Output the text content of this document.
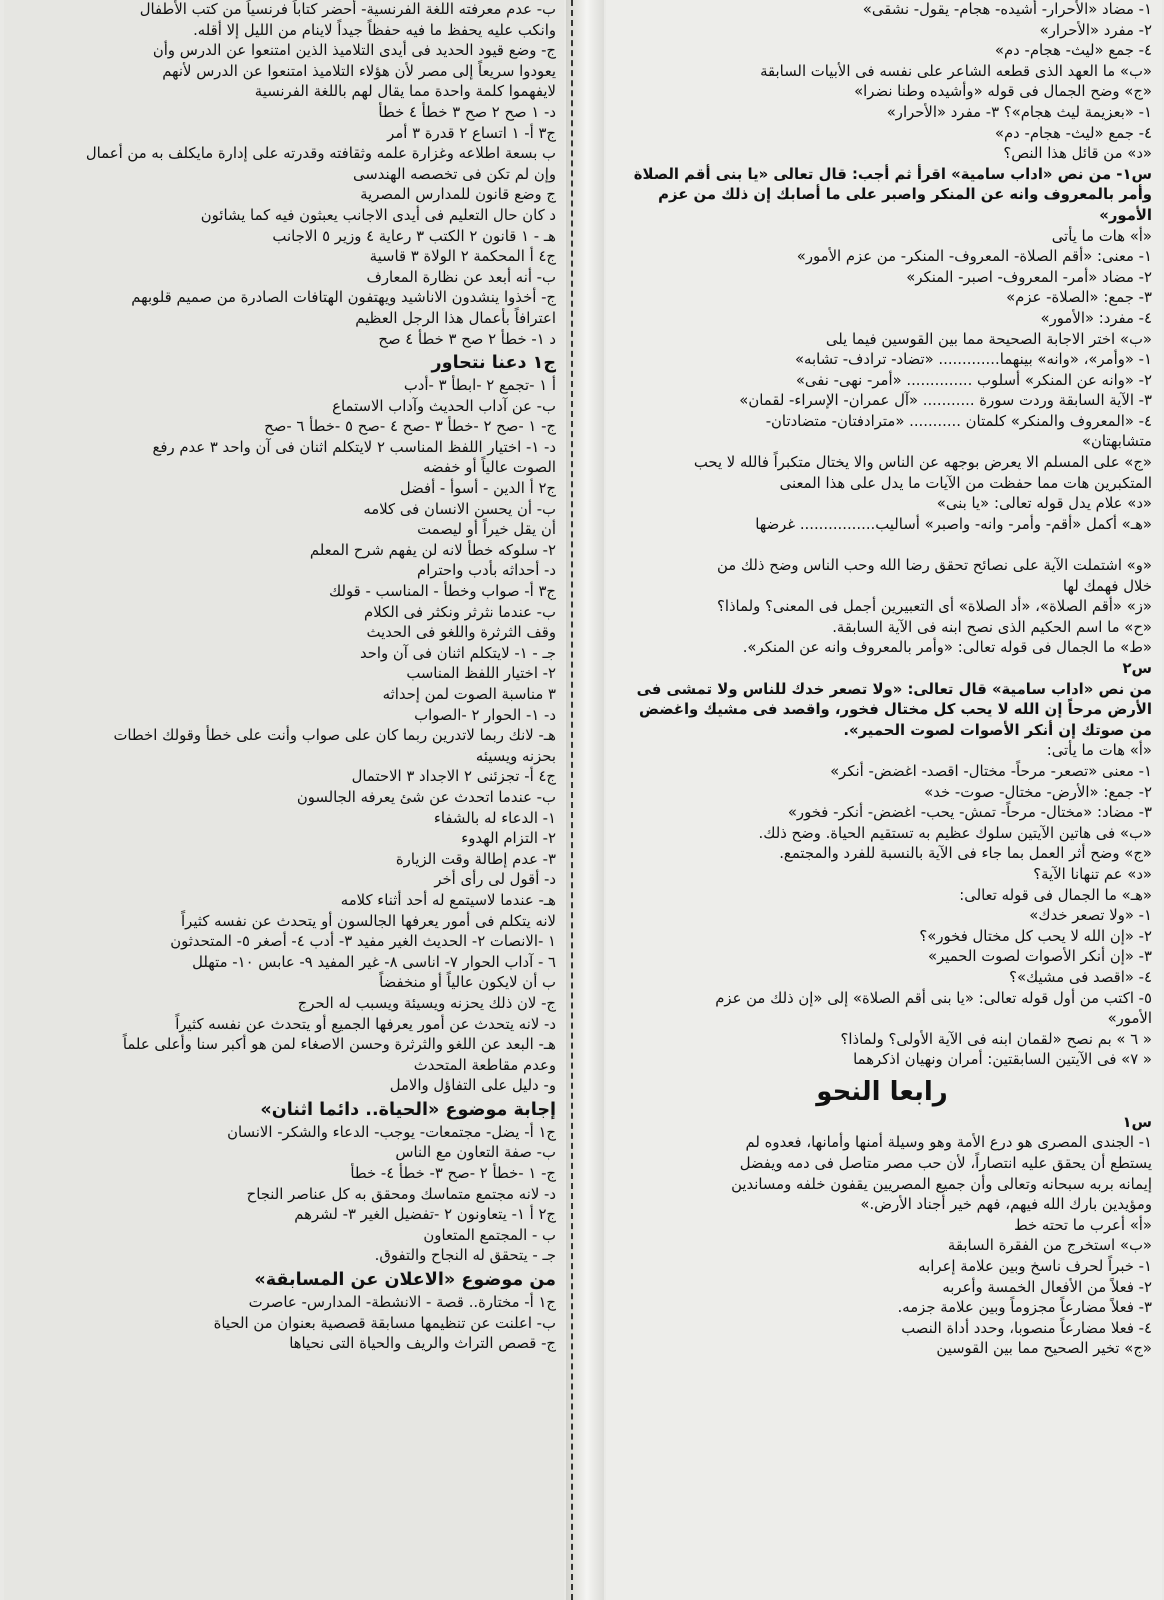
١- مضاد «الأحرار- أشيده- هجام- يقول- نشقى»
٢- مفرد «الأحرار»
٤- جمع «ليث- هجام- دم»
«ب» ما العهد الذى قطعه الشاعر على نفسه فى الأبيات السابقة
«ج» وضح الجمال فى قوله «وأشيده وطنا نضرا»
١- «بعزيمة ليث هجام»؟ ٣- مفرد «الأحرار»
٤- جمع «ليث- هجام- دم»
«د» من قائل هذا النص؟
س١- من نص «اداب سامية» اقرأ ثم أجب: قال تعالى «يا بنى أقم الصلاة
وأمر بالمعروف وانه عن المنكر واصبر على ما أصابك إن ذلك من عزم
الأمور»
«أ» هات ما يأتى
١- معنى: «أقم الصلاة- المعروف- المنكر- من عزم الأمور»
٢- مضاد «أمر- المعروف- اصبر- المنكر»
٣- جمع: «الصلاة- عزم»
٤- مفرد: «الأمور»
«ب» اختر الاجابة الصحيحة مما بين القوسين فيما يلى
١- «وأمر»، «وانه» بينهما............. «تضاد- ترادف- تشابه»
٢- «وانه عن المنكر» أسلوب .............. «أمر- نهى- نفى»
٣- الآية السابقة وردت سورة ........... «آل عمران- الإسراء- لقمان»
٤- «المعروف والمنكر» كلمتان ........... «مترادفتان- متضادتان-
متشابهتان»
«ج» على المسلم الا يعرض بوجهه عن الناس والا يختال متكبراً فالله لا يحب
المتكبرين هات مما حفظت من الآيات ما يدل على هذا المعنى
«د» علام يدل قوله تعالى: «يا بنى»
«هـ» أكمل «أقم- وأمر- وانه- واصبر» أساليب................ غرضها

«و» اشتملت الآية على نصائح تحقق رضا الله وحب الناس وضح ذلك من
خلال فهمك لها
«ز» «أقم الصلاة»، «أد الصلاة» أى التعبيرين أجمل فى المعنى؟ ولماذا؟
«ح» ما اسم الحكيم الذى نصح ابنه فى الآية السابقة.
«ط» ما الجمال فى قوله تعالى: «وأمر بالمعروف وانه عن المنكر».
س٢
من نص «اداب سامية» قال تعالى: «ولا تصعر خدك للناس ولا تمشى فى
الأرض مرحاً إن الله لا يحب كل مختال فخور، واقصد فى مشيك واغضض
من صوتك إن أنكر الأصوات لصوت الحمير».
«أ» هات ما يأتى:
١- معنى «تصعر- مرحاً- مختال- اقصد- اغضض- أنكر»
٢- جمع: «الأرض- مختال- صوت- خد»
٣- مضاد: «مختال- مرحاً- تمش- يحب- اغضض- أنكر- فخور»
«ب» فى هاتين الآيتين سلوك عظيم به تستقيم الحياة. وضح ذلك.
«ج» وضح أثر العمل بما جاء فى الآية بالنسبة للفرد والمجتمع.
«د» عم تنهانا الآية؟
«هـ» ما الجمال فى قوله تعالى:
١- «ولا تصعر خدك»
٢- «إن الله لا يحب كل مختال فخور»؟
٣- «إن أنكر الأصوات لصوت الحمير»
٤- «اقصد فى مشيك»؟
٥- اكتب من أول قوله تعالى: «يا بنى أقم الصلاة» إلى «إن ذلك من عزم
الأمور»
« ٦ » بم نصح «لقمان ابنه فى الآية الأولى؟ ولماذا؟
« ٧» فى الآيتين السابقتين: أمران ونهيان اذكرهما
رابعا النحو
س١
١- الجندى المصرى هو درع الأمة وهو وسيلة أمنها وأمانها، فعدوه لم
يستطع أن يحقق عليه انتصاراً، لأن حب مصر متاصل فى دمه ويفضل
إيمانه بربه سبحانه وتعالى وأن جميع المصريين يقفون خلفه ومساندين
ومؤيدين بارك الله فيهم، فهم خير أجناد الأرض.»
«أ» أعرب ما تحته خط
«ب» استخرج من الفقرة السابقة
١- خبراً لحرف ناسخ وبين علامة إعرابه
٢- فعلاً من الأفعال الخمسة وأعربه
٣- فعلاً مضارعاً مجزوماً وبين علامة جزمه.
٤- فعلا مضارعاً منصوبا، وحدد أداة النصب
«ج» تخير الصحيح مما بين القوسين
ب- عدم معرفته اللغة الفرنسية- أحضر كتاباً فرنسياً من كتب الأطفال
وانكب عليه يحفظ ما فيه حفظاً جيداً لاينام من الليل إلا أقله.
ج- وضع قيود الحديد فى أيدى التلاميذ الذين امتنعوا عن الدرس وأن
يعودوا سريعاً إلى مصر لأن هؤلاء التلاميذ امتنعوا عن الدرس لأنهم
لايفهموا كلمة واحدة مما يقال لهم باللغة الفرنسية
د- ١ صح ٢ صح ٣ خطأ ٤ خطأ
ج٣ أ- ١ اتساع ٢ قدرة ٣ أمر
ب بسعة اطلاعه وغزارة علمه وثقافته وقدرته على إدارة مايكلف به من أعمال
وإن لم تكن فى تخصصه الهندسى
ج وضع قانون للمدارس المصرية
د كان حال التعليم فى أيدى الاجانب يعبثون فيه كما يشائون
هـ - ١ قانون ٢ الكتب ٣ رعاية ٤ وزير ٥ الاجانب
ج٤ أ المحكمة ٢ الولاة ٣ قاسية
ب- أنه أبعد عن نظارة المعارف
ج- أخذوا ينشدون الاناشيد ويهتفون الهتافات الصادرة من صميم قلوبهم
اعترافاً بأعمال هذا الرجل العظيم
د ١- خطأ ٢ صح ٣ خطأ ٤ صح
ج١ دعنا نتحاور
أ ١ -تجمع ٢ -ابطأ ٣ -أدب
ب- عن آداب الحديث وآداب الاستماع
ج- ١ -صح ٢ -خطأ ٣ -صح ٤ -صح ٥ -خطأ ٦ -صح
د- ١- اختيار اللفظ المناسب ٢ لايتكلم اثنان فى آن واحد ٣ عدم رفع
الصوت عالياً أو خفضه
ج٢ أ الدين - أسوأ - أفضل
ب- أن يحسن الانسان فى كلامه
أن يقل خيراً أو ليصمت
٢- سلوكه خطأ لانه لن يفهم شرح المعلم
د- أحداثه بأدب واحترام
ج٣ أ- صواب وخطأ - المناسب - قولك
ب- عندما نثرثر ونكثر فى الكلام
وقف الثرثرة واللغو فى الحديث
جـ - ١- لايتكلم اثنان فى آن واحد
٢- اختيار اللفظ المناسب
٣ مناسبة الصوت لمن إحداثه
د- ١- الحوار ٢ -الصواب
هـ- لانك ربما لاتدرين ربما كان على صواب وأنت على خطأ وقولك اخطات
بحزنه ويسيئه
ج٤ أ- تجزئنى ٢ الاجداد ٣ الاحتمال
ب- عندما اتحدث عن شئ يعرفه الجالسون
١- الدعاء له بالشفاء
٢- التزام الهدوء
٣- عدم إطالة وقت الزيارة
د- أقول لى رأى أخر
هـ- عندما لاسيتمع له أحد أثناء كلامه
لانه يتكلم فى أمور يعرفها الجالسون أو يتحدث عن نفسه كثيراً
١ -الانصات ٢- الحديث الغير مفيد ٣- أدب ٤- أصغر ٥- المتحدثون
٦ - آداب الحوار ٧- اناسى ٨- غير المفيد ٩- عابس ١٠- متهلل
ب أن لايكون عالياً أو منخفضاً
ج- لان ذلك يحزنه ويسيئة ويسبب له الحرج
د- لانه يتحدث عن أمور يعرفها الجميع أو يتحدث عن نفسه كثيراً
هـ- البعد عن اللغو والثرثرة وحسن الاصغاء لمن هو أكبر سنا وأعلى علماً
وعدم مقاطعة المتحدث
و- دليل على التفاؤل والامل
إجابة موضوع «الحياة.. دائما اثنان»
ج١ أ- يضل- مجتمعات- يوجب- الدعاء والشكر- الانسان
ب- صفة التعاون مع الناس
ج- ١ -خطأ ٢ -صح ٣- خطأ ٤- خطأ
د- لانه مجتمع متماسك ومحقق به كل عناصر النجاح
ج٢ أ ١- يتعاونون ٢ -تفضيل الغير ٣- لشرهم
ب - المجتمع المتعاون
جـ - يتحقق له النجاح والتفوق.
من موضوع «الاعلان عن المسابقة»
ج١ أ- مختارة.. قصة - الانشطة- المدارس- عاصرت
ب- اعلنت عن تنظيمها مسابقة قصصية بعنوان من الحياة
ج- قصص التراث والريف والحياة التى نحياها
